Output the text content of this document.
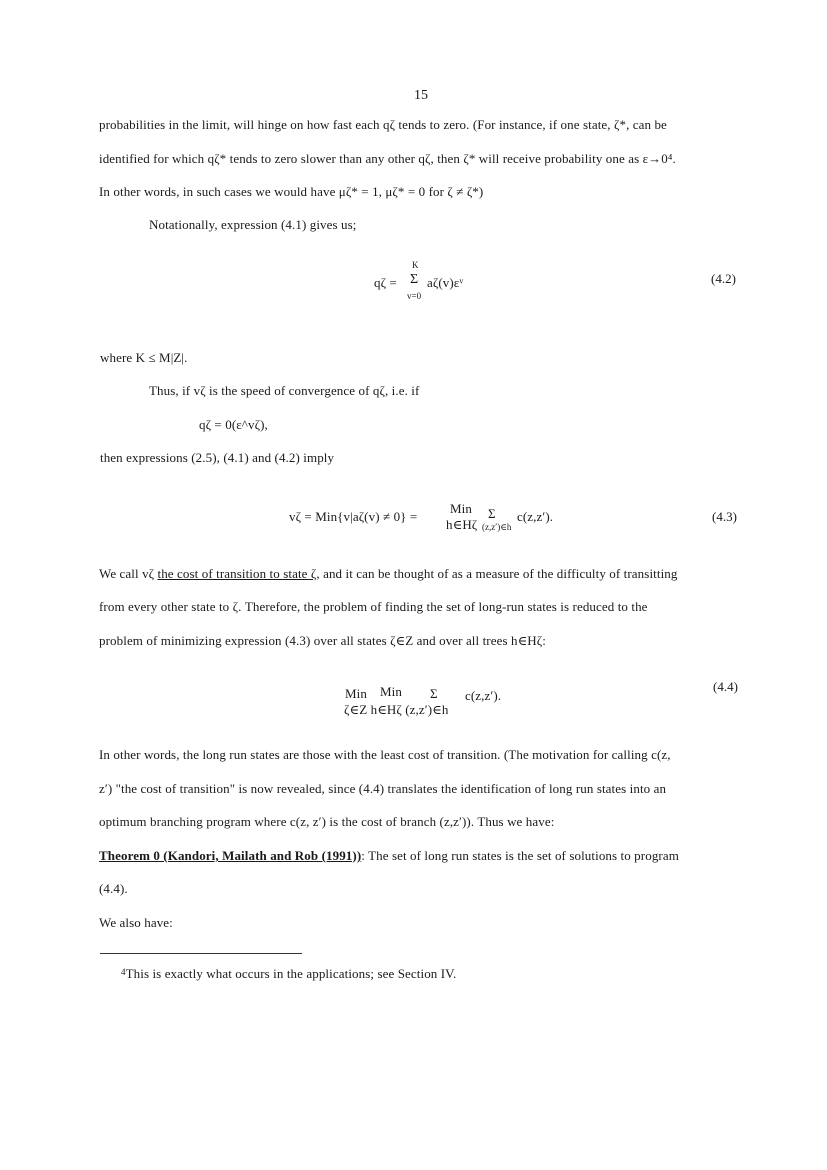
15
probabilities in the limit, will hinge on how fast each qζ tends to zero. (For instance, if one state, ζ*, can be
identified for which qζ* tends to zero slower than any other qζ, then ζ* will receive probability one as ε→0⁴.
In other words, in such cases we would have μζ* = 1, μζ* = 0 for ζ ≠ ζ*)
Notationally, expression (4.1) gives us;
qζ =
K
Σ
v=0
aζ(v)εᵛ	(4.2)
where K ≤ M|Z|.
Thus, if vζ is the speed of convergence of qζ, i.e. if
qζ = 0(ε^vζ),
then expressions (2.5), (4.1) and (4.2) imply
vζ = Min{v|aζ(v) ≠ 0} =
Min
h∈Hζ
Σ
(z,z′)∈h
c(z,z′).	(4.3)
We call vζ the cost of transition to state ζ, and it can be thought of as a measure of the difficulty of transitting
from every other state to ζ. Therefore, the problem of finding the set of long-run states is reduced to the
problem of minimizing expression (4.3) over all states ζ∈Z and over all trees h∈Hζ:
Min Min Σ c(z,z′).
ζ∈Z h∈Hζ (z,z′)∈h
(4.4)
In other words, the long run states are those with the least cost of transition. (The motivation for calling c(z,
z′) "the cost of transition" is now revealed, since (4.4) translates the identification of long run states into an
optimum branching program where c(z, z′) is the cost of branch (z,z′)). Thus we have:
Theorem 0 (Kandori, Mailath and Rob (1991)): The set of long run states is the set of solutions to program
(4.4).
We also have:
$^4$This is exactly what occurs in the applications; see Section IV.
